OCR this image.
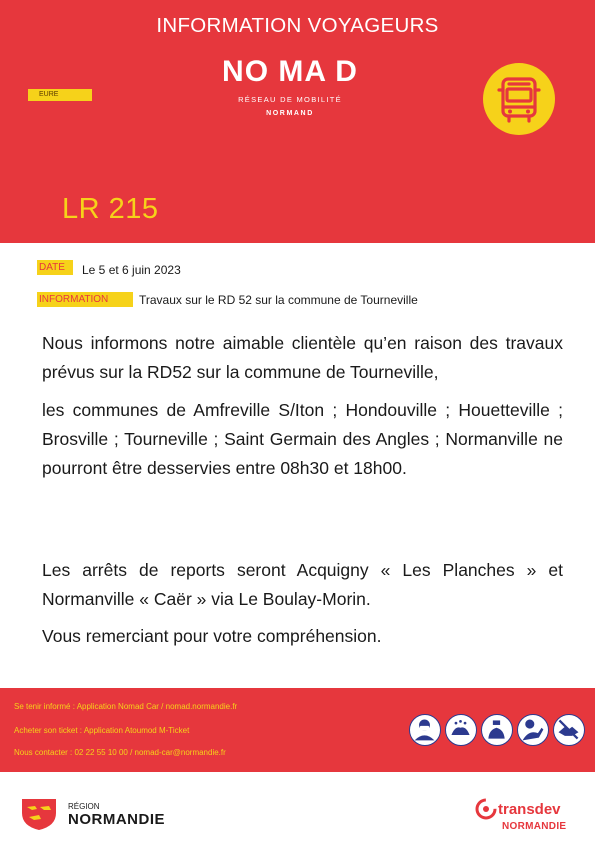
INFORMATION VOYAGEURS
NO MA D
RÉSEAU DE MOBILITÉ
NORMAND
EURE
LR 215
DATE	Le 5 et 6 juin 2023
INFORMATION	Travaux sur le RD 52 sur la commune de Tourneville
Nous informons notre aimable clientèle qu’en raison des travaux prévus sur la RD52 sur la commune de Tourneville,
les communes de Amfreville S/Iton ; Hondouville ; Houetteville ; Brosville ; Tourneville ; Saint Germain des Angles ; Normanville ne pourront être desservies entre 08h30 et 18h00.
Les arrêts de reports seront Acquigny « Les Planches » et Normanville « Caër » via Le Boulay-Morin.
Vous remerciant pour votre compréhension.
Se tenir informé : Application Nomad Car / nomad.normandie.fr
Acheter son ticket : Application Atoumod M-Ticket
Nous contacter : 02 22 55 10 00 / nomad-car@normandie.fr
RÉGION
NORMANDIE
transdev
NORMANDIE
